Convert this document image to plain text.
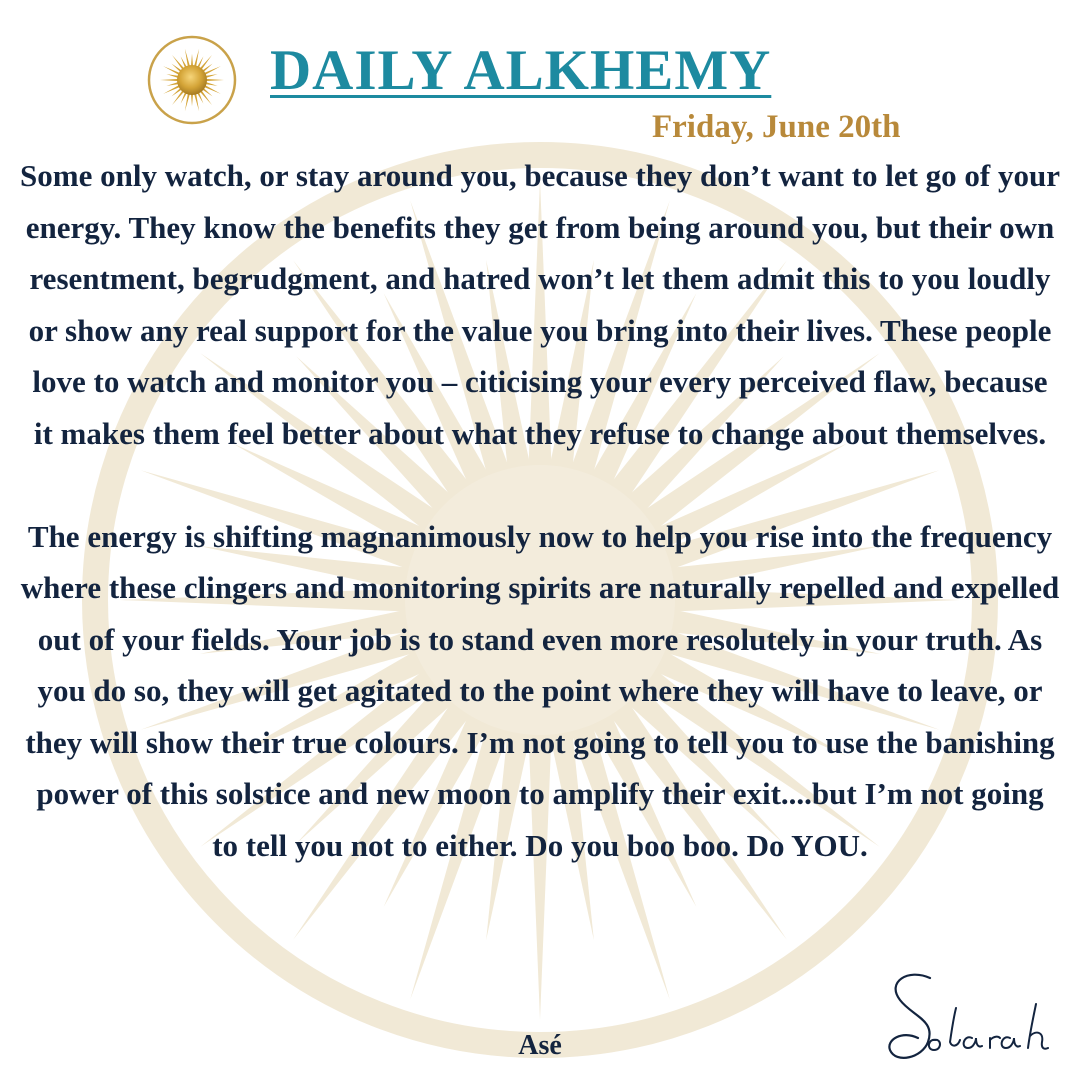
DAILY ALKHEMY
Friday, June 20th

Some only watch, or stay around you, because they don’t want to let go of your energy. They know the benefits they get from being around you, but their own resentment, begrudgment, and hatred won’t let them admit this to you loudly or show any real support for the value you bring into their lives. These people love to watch and monitor you – citicising your every perceived flaw, because it makes them feel better about what they refuse to change about themselves.

The energy is shifting magnanimously now to help you rise into the frequency where these clingers and monitoring spirits are naturally repelled and expelled out of your fields. Your job is to stand even more resolutely in your truth. As you do so, they will get agitated to the point where they will have to leave, or they will show their true colours. I’m not going to tell you to use the banishing power of this solstice and new moon to amplify their exit....but I’m not going to tell you not to either. Do you boo boo. Do YOU.

Asé
